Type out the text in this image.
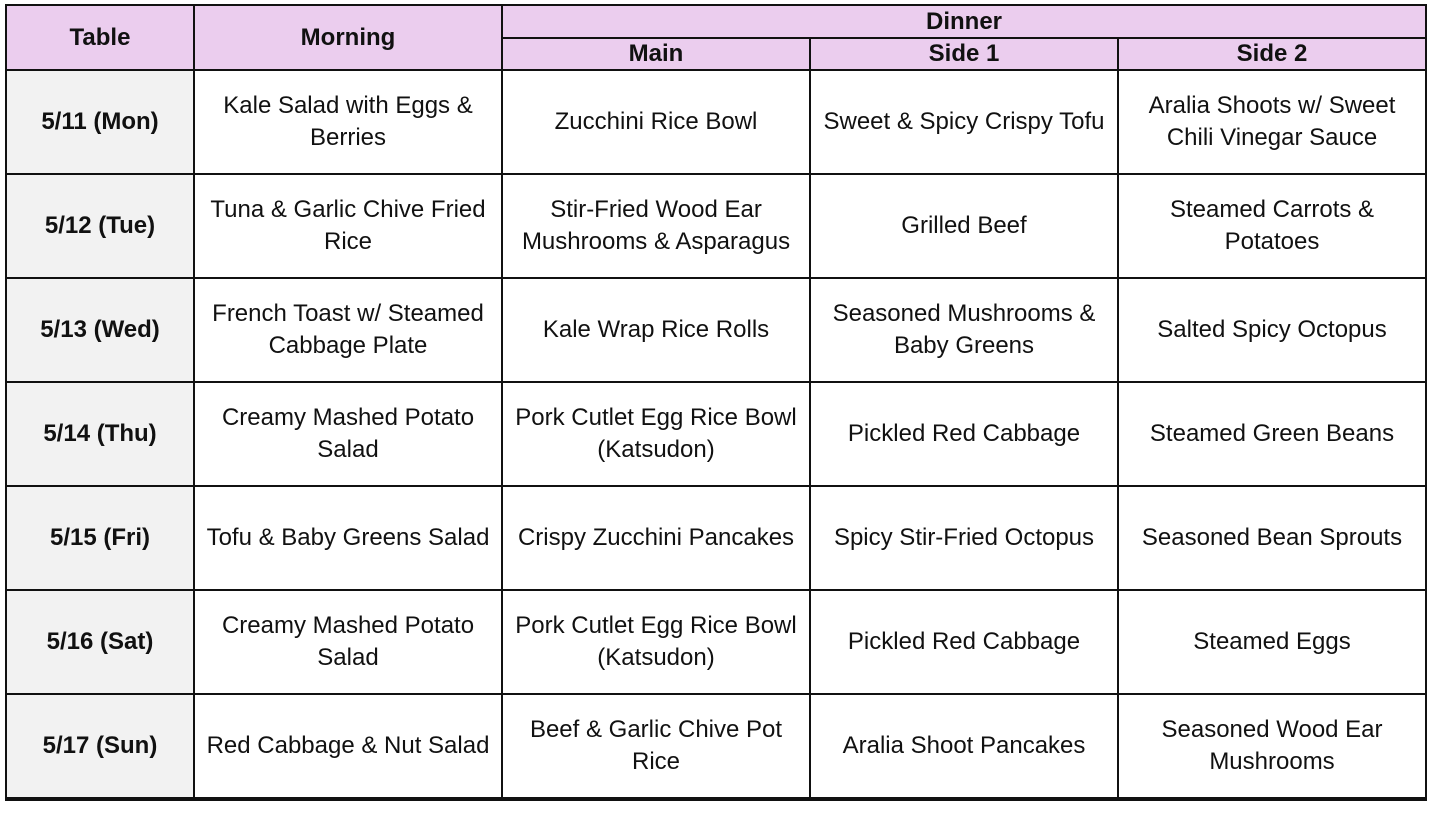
Table	Morning	Dinner		
		Main	Side 1	Side 2
5/11 (Mon)	Kale Salad with Eggs & Berries	Zucchini Rice Bowl	Sweet & Spicy Crispy Tofu	Aralia Shoots w/ Sweet Chili Vinegar Sauce
5/12 (Tue)	Tuna & Garlic Chive Fried Rice	Stir-Fried Wood Ear Mushrooms & Asparagus	Grilled Beef	Steamed Carrots & Potatoes
5/13 (Wed)	French Toast w/ Steamed Cabbage Plate	Kale Wrap Rice Rolls	Seasoned Mushrooms & Baby Greens	Salted Spicy Octopus
5/14 (Thu)	Creamy Mashed Potato Salad	Pork Cutlet Egg Rice Bowl (Katsudon)	Pickled Red Cabbage	Steamed Green Beans
5/15 (Fri)	Tofu & Baby Greens Salad	Crispy Zucchini Pancakes	Spicy Stir-Fried Octopus	Seasoned Bean Sprouts
5/16 (Sat)	Creamy Mashed Potato Salad	Pork Cutlet Egg Rice Bowl (Katsudon)	Pickled Red Cabbage	Steamed Eggs
5/17 (Sun)	Red Cabbage & Nut Salad	Beef & Garlic Chive Pot Rice	Aralia Shoot Pancakes	Seasoned Wood Ear Mushrooms
